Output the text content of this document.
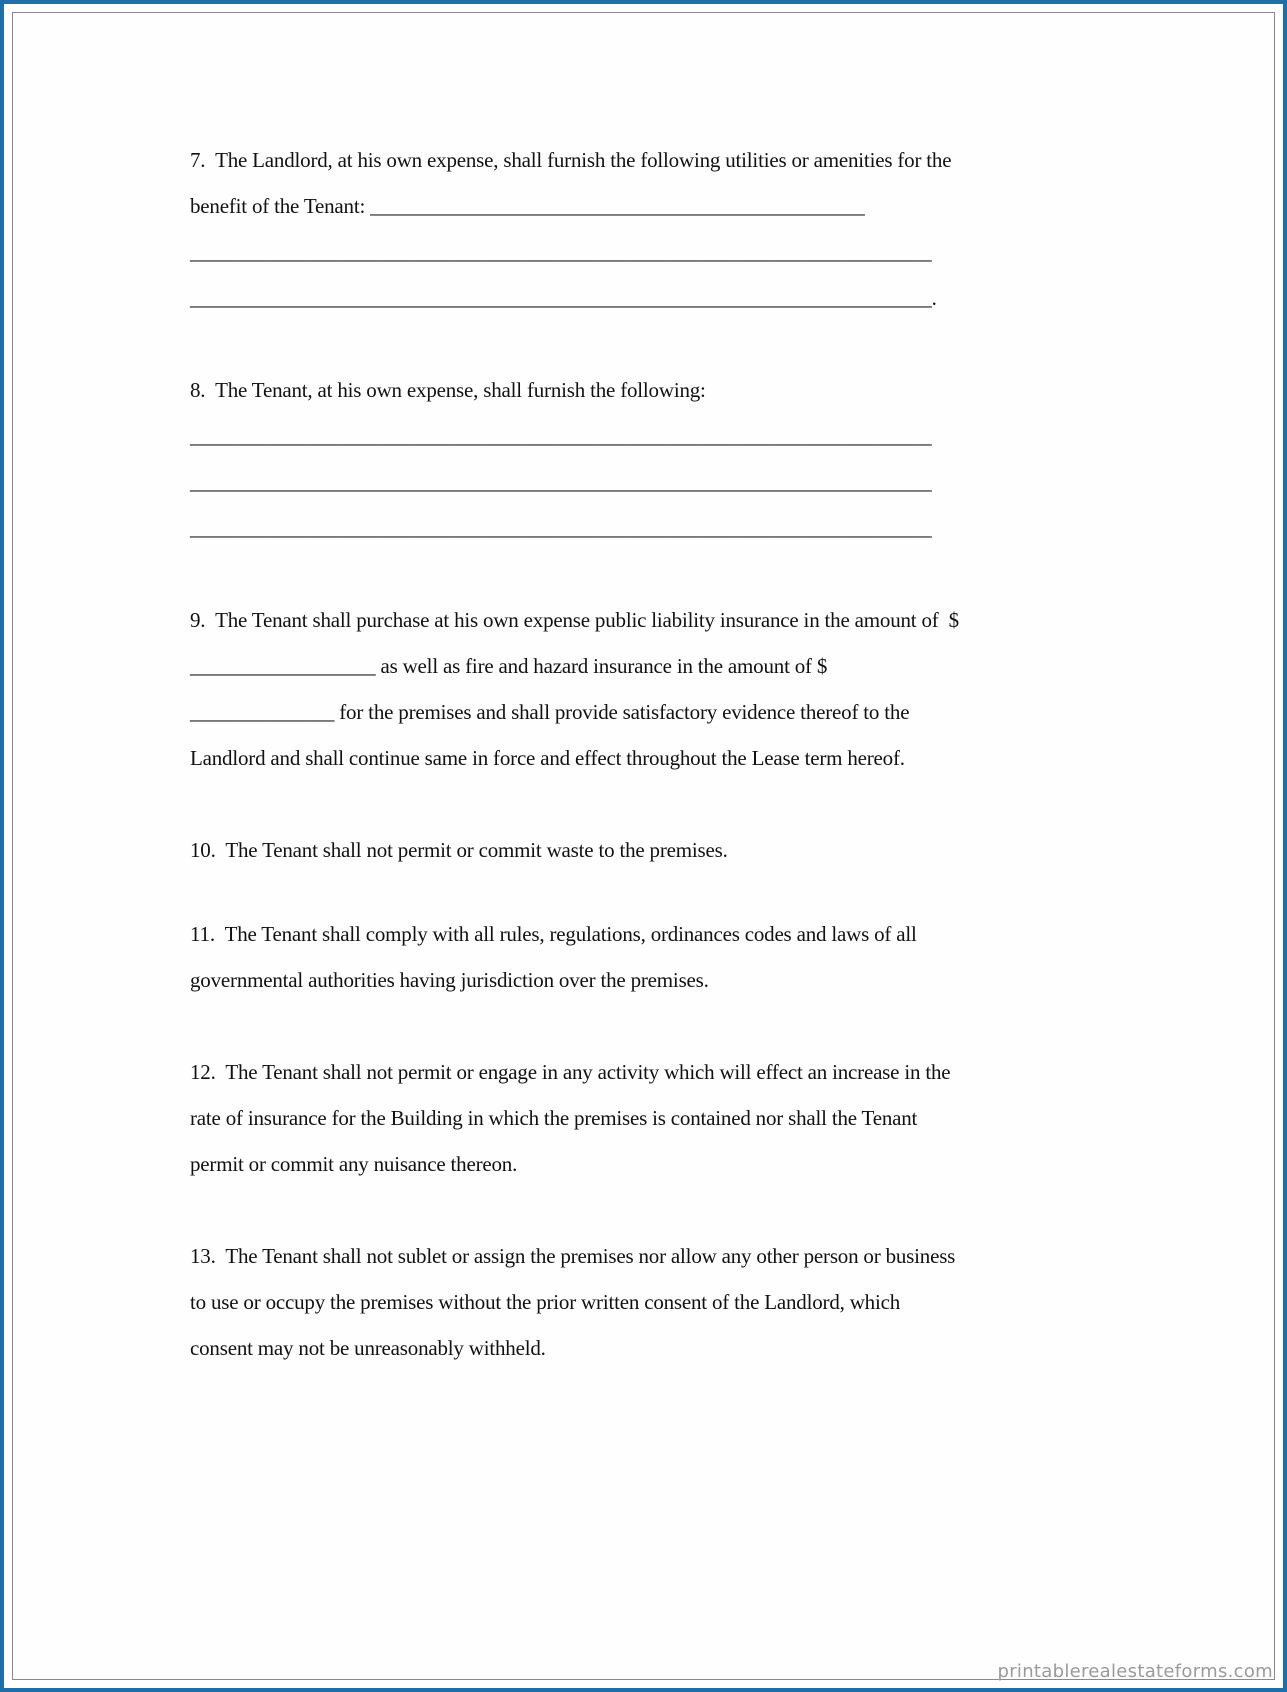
7.  The Landlord, at his own expense, shall furnish the following utilities or amenities for the
benefit of the Tenant: ________________________________________________
________________________________________________________________________
________________________________________________________________________.
8.  The Tenant, at his own expense, shall furnish the following:
________________________________________________________________________
________________________________________________________________________
________________________________________________________________________
9.  The Tenant shall purchase at his own expense public liability insurance in the amount of  $
__________________ as well as fire and hazard insurance in the amount of $
______________ for the premises and shall provide satisfactory evidence thereof to the
Landlord and shall continue same in force and effect throughout the Lease term hereof.
10.  The Tenant shall not permit or commit waste to the premises.
11.  The Tenant shall comply with all rules, regulations, ordinances codes and laws of all
governmental authorities having jurisdiction over the premises.
12.  The Tenant shall not permit or engage in any activity which will effect an increase in the
rate of insurance for the Building in which the premises is contained nor shall the Tenant
permit or commit any nuisance thereon.
13.  The Tenant shall not sublet or assign the premises nor allow any other person or business
to use or occupy the premises without the prior written consent of the Landlord, which
consent may not be unreasonably withheld.
printablerealestateforms.com
